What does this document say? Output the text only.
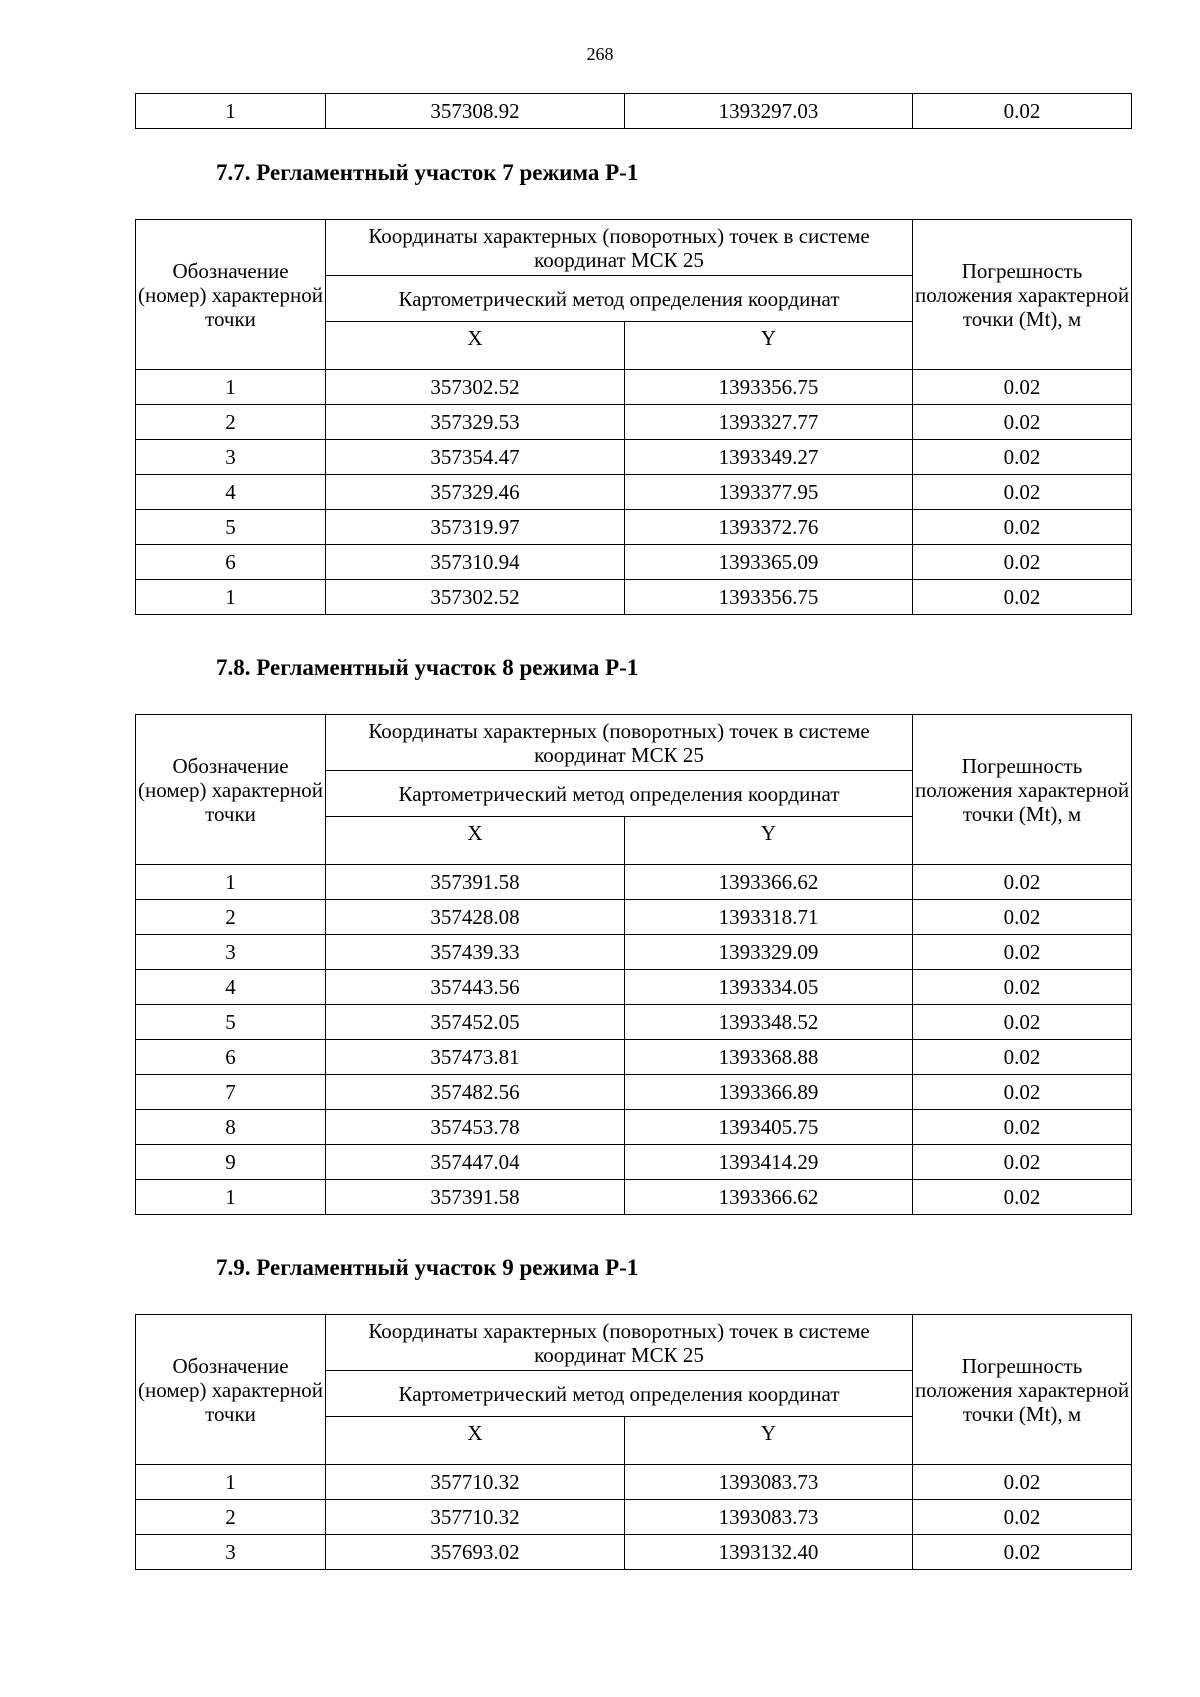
268
1	357308.92	1393297.03	0.02
7.7. Регламентный участок 7 режима Р-1
Обозначение (номер) характерной точки	Координаты характерных (поворотных) точек в системе координат МСК 25		Погрешность положения характерной точки (Mt), м
	Картометрический метод определения координат		
	X	Y	
1	357302.52	1393356.75	0.02
2	357329.53	1393327.77	0.02
3	357354.47	1393349.27	0.02
4	357329.46	1393377.95	0.02
5	357319.97	1393372.76	0.02
6	357310.94	1393365.09	0.02
1	357302.52	1393356.75	0.02
7.8. Регламентный участок 8 режима Р-1
Обозначение (номер) характерной точки	Координаты характерных (поворотных) точек в системе координат МСК 25		Погрешность положения характерной точки (Mt), м
	Картометрический метод определения координат		
	X	Y	
1	357391.58	1393366.62	0.02
2	357428.08	1393318.71	0.02
3	357439.33	1393329.09	0.02
4	357443.56	1393334.05	0.02
5	357452.05	1393348.52	0.02
6	357473.81	1393368.88	0.02
7	357482.56	1393366.89	0.02
8	357453.78	1393405.75	0.02
9	357447.04	1393414.29	0.02
1	357391.58	1393366.62	0.02
7.9. Регламентный участок 9 режима Р-1
Обозначение (номер) характерной точки	Координаты характерных (поворотных) точек в системе координат МСК 25		Погрешность положения характерной точки (Mt), м
	Картометрический метод определения координат		
	X	Y	
1	357710.32	1393083.73	0.02
2	357710.32	1393083.73	0.02
3	357693.02	1393132.40	0.02
